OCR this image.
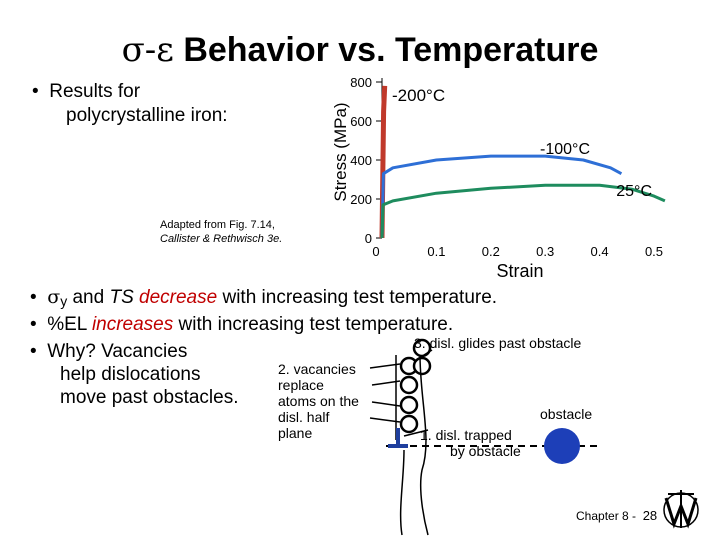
σ-ε Behavior vs. Temperature
• Results for
polycrystalline iron:
Adapted from Fig. 7.14,
Callister & Rethwisch 3e.	0
200
400
600
800
0	0.1	0.2	0.3	0.4	0.5
Strain
Stress (MPa)
-200°C
-100°C
25°C
• σy and TS decrease with increasing test temperature.
• %EL increases with increasing test temperature.
• Why? Vacancies
help dislocations
move past obstacles.
2. vacancies
replace
atoms on the
disl. half
plane
3. disl. glides past obstacle
1. disl. trapped
by obstacle
obstacle
Chapter 8 - 28
